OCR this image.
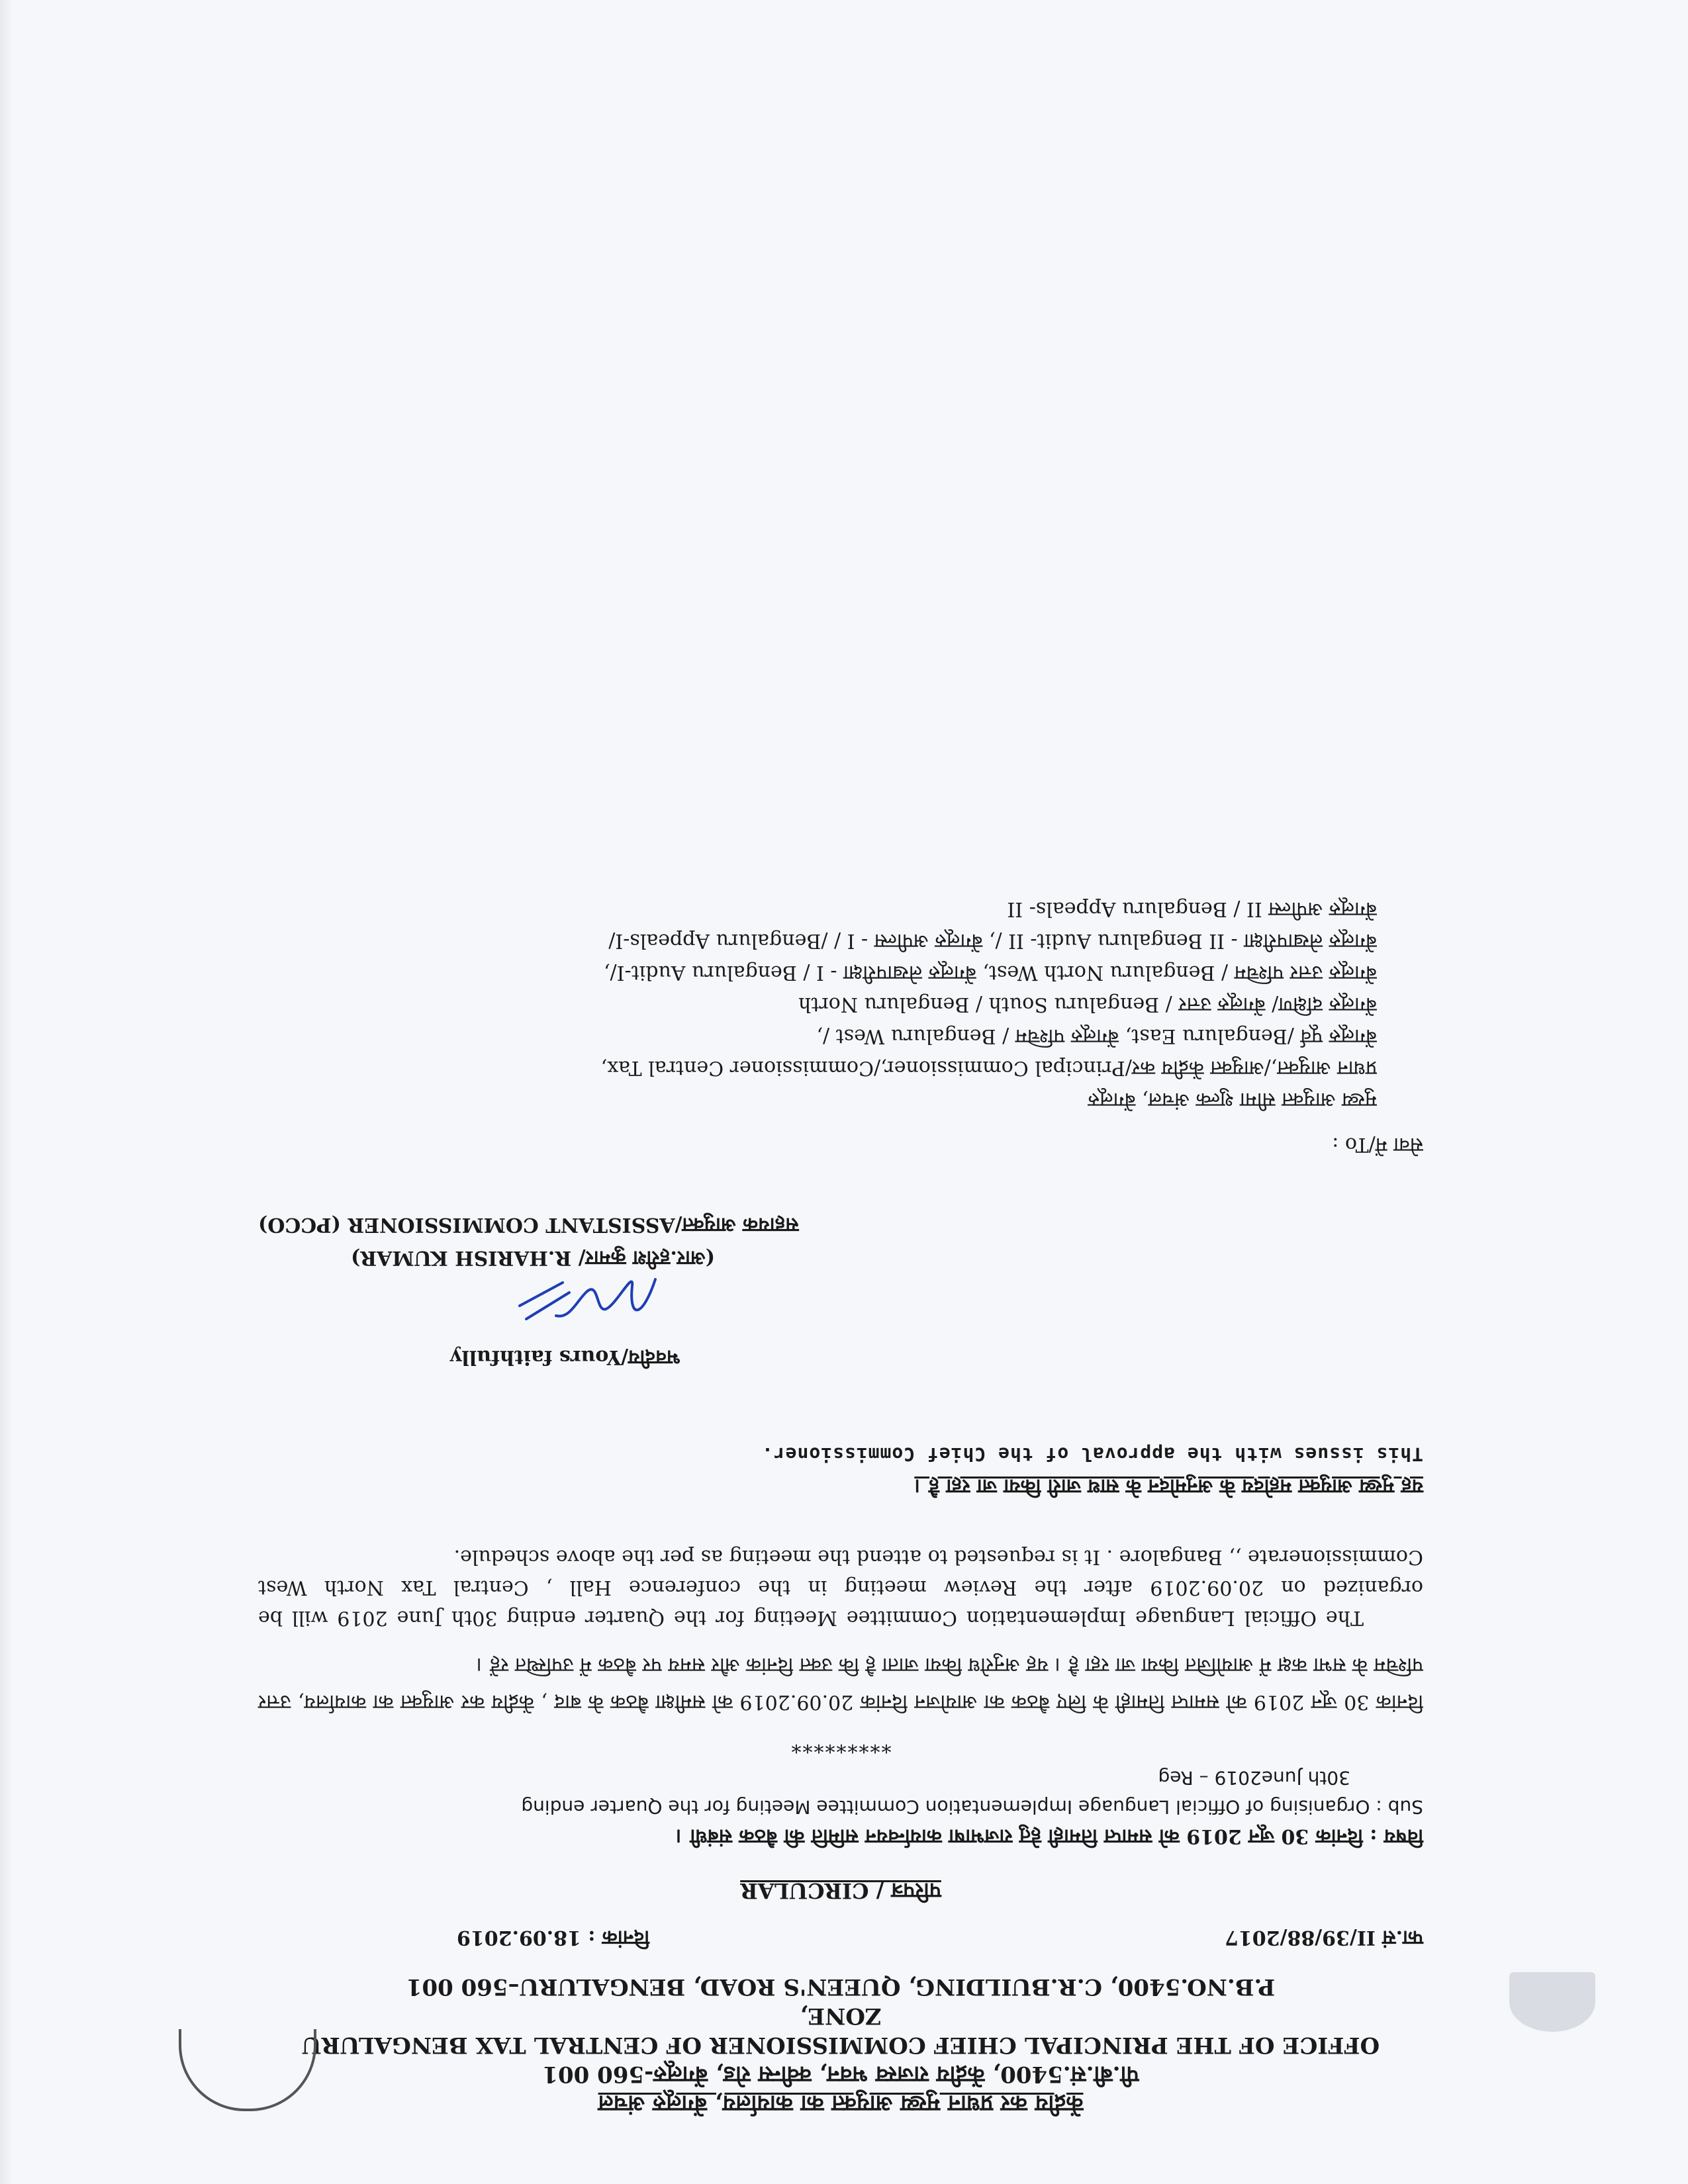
केंद्रीय कर प्रधान मुख्य आयुक्त का कार्यालय, बेंगलूरु अंचल
पी.बी.सं.5400, केंद्रीय राजस्व भवन, क्वीन्स रोड, बेंगलूरु-560 001
OFFICE OF THE PRINCIPAL CHIEF COMMISSIONER OF CENTRAL TAX BENGALURU ZONE,
P.B.NO.5400, C.R.BUILDING, QUEEN'S ROAD, BENGALURU–560 001
फा.सं II/39/88/2017
दिनांक : 18.09.2019
परिपत्र / CIRCULAR
विषय : दिनांक 30 जून 2019 को समाप्त तिमाही हेतु राजभाषा कार्यान्वयन समिति की बैठक संबंधी ।
Sub : Organising of Official Language Implementation Committee Meeting for the Quarter ending
30th June2019 – Reg
*********
दिनांक 30 जून 2019 को समाप्त तिमाही के लिए बैठक का आयोजन दिनांक 20.09.2019 को समीक्षा बैठक के बाद , केंद्रीय कर आयुक्त का कार्यालय, उत्तर पश्चिम के सभा कक्ष में आयोजित किया जा रहा है । यह अनुरोध किया जाता है कि उक्त दिनांक और समय पर बैठक में उपस्थित रहें ।
The Official Language Implementation Committee Meeting for the Quarter ending 30th June 2019 will be organized on 20.09.2019 after the Review meeting in the conference Hall , Central Tax North West Commissionerate ,, Bangalore . It is requested to attend the meeting as per the above schedule.
यह मुख्य आयुक्त महोदय के अनुमोदन के साथ जारी किया जा रहा है ।
This issues with the approval of the Chief Commissioner.
भवदीय/Yours faithfully
(आर.हरीश कुमार/ R.HARISH KUMAR)
सहायक आयुक्त/ASSISTANT COMMISSIONER (PCCO)
सेवा में/To :
मुख्य आयुक्त सीमा शुल्क अंचल, बेंगलूरु
प्रधान आयुक्त,/आयुक्त केंद्रीय कर/Principal Commissioner,/Commissioner Central Tax,
बेंगलूरु पूर्व /Bengaluru East, बेंगलूरु पश्चिम / Bengaluru West /,
बेंगलूरु दक्षिण/ बेंगलूरु उत्तर / Bengaluru South / Bengaluru North
बेंगलूरु उत्तर पश्चिम / Bengaluru North West, बेंगलूरु लेखापरीक्षा - I / Bengaluru Audit-I/,
बेंगलूरु लेखापरीक्षा - II Bengaluru Audit- II /, बेंगलूरु अपील्स - I / /Bengaluru Appeals-I/
बेंगलूरु अपील्स II / Bengaluru Appeals- II
